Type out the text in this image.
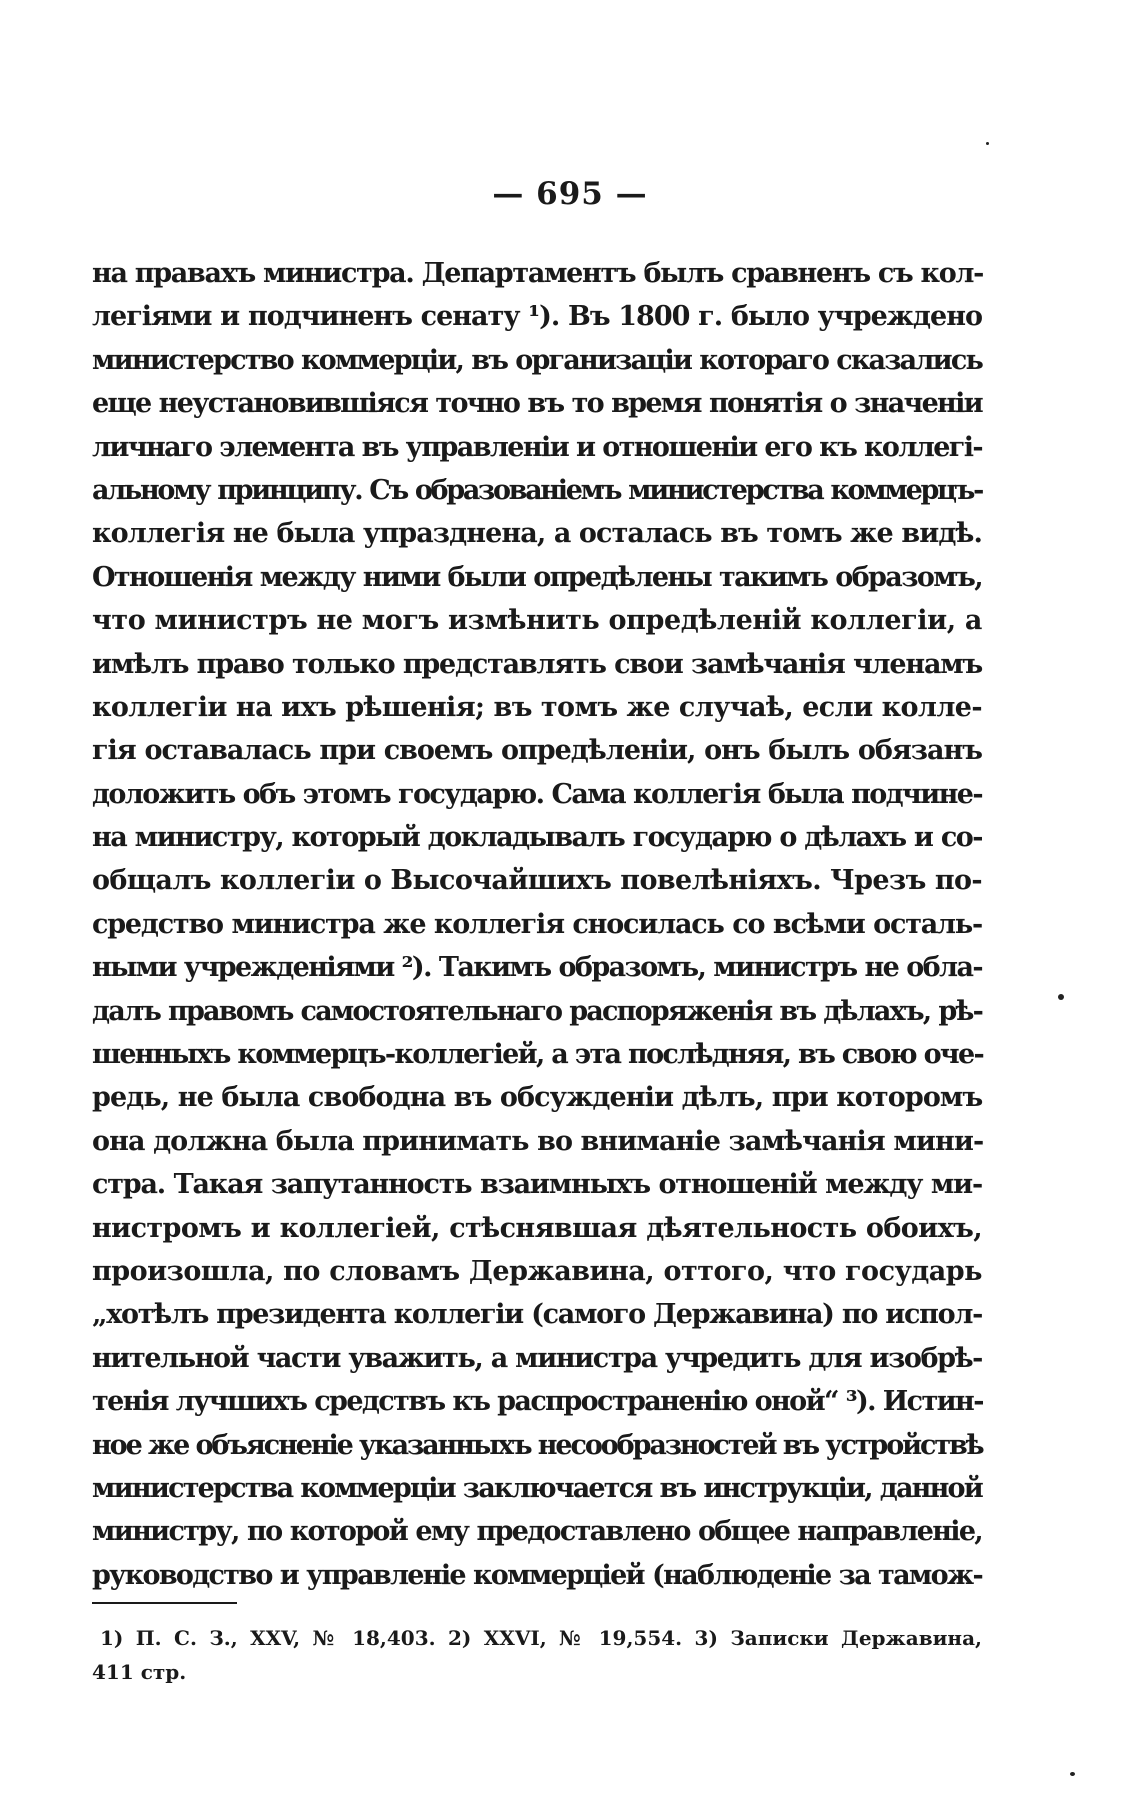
— 695 —
на правахъ министра. Департаментъ былъ сравненъ съ кол-
легiями и подчиненъ сенату ¹). Въ 1800 г. было учреждено
министерство коммерцiи, въ организацiи котораго сказались
еще неустановившiяся точно въ то время понятiя о значенiи
личнаго элемента въ управленiи и отношенiи его къ коллегi-
альному принципу. Съ образованiемъ министерства коммерцъ-
коллегiя не была упразднена, а осталась въ томъ же видѣ.
Отношенiя между ними были опредѣлены такимъ образомъ,
что министръ не могъ измѣнить опредѣленiй коллегiи, а
имѣлъ право только представлять свои замѣчанiя членамъ
коллегiи на ихъ рѣшенiя; въ томъ же случаѣ, если колле-
гiя оставалась при своемъ опредѣленiи, онъ былъ обязанъ
доложить объ этомъ государю. Сама коллегiя была подчине-
на министру, который докладывалъ государю о дѣлахъ и со-
общалъ коллегiи о Высочайшихъ повелѣнiяхъ. Чрезъ по-
средство министра же коллегiя сносилась со всѣми осталь-
ными учрежденiями ²). Такимъ образомъ, министръ не обла-
далъ правомъ самостоятельнаго распоряженiя въ дѣлахъ, рѣ-
шенныхъ коммерцъ-коллегiей, а эта послѣдняя, въ свою оче-
редь, не была свободна въ обсужденiи дѣлъ, при которомъ
она должна была принимать во вниманiе замѣчанiя мини-
стра. Такая запутанность взаимныхъ отношенiй между ми-
нистромъ и коллегiей, стѣснявшая дѣятельность обоихъ,
произошла, по словамъ Державина, оттого, что государь
„хотѣлъ президента коллегiи (самого Державина) по испол-
нительной части уважить, а министра учредить для изобрѣ-
тенiя лучшихъ средствъ къ распространенiю оной“ ³). Истин-
ное же объясненiе указанныхъ несообразностей въ устройствѣ
министерства коммерцiи заключается въ инструкцiи, данной
министру, по которой ему предоставлено общее направленiе,
руководство и управленiе коммерцiей (наблюденiе за тамож-
1) П. С. З., XXV, № 18,403. 2) XXVI, № 19,554. 3) Записки Державина,
411 стр.
